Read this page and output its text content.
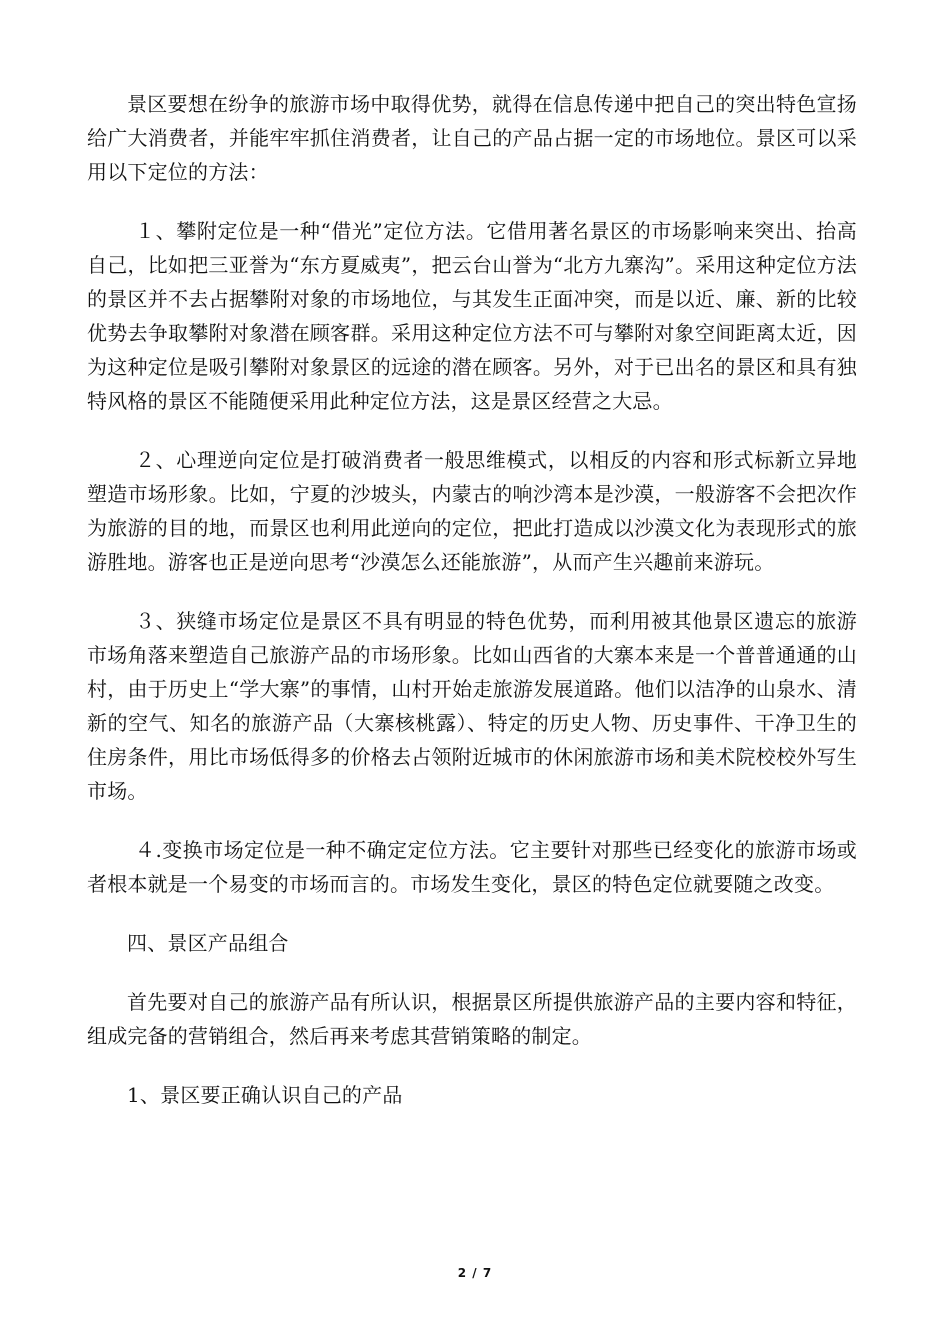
景区要想在纷争的旅游市场中取得优势，就得在信息传递中把自己的突出特色宣扬给广大消费者，并能牢牢抓住消费者，让自己的产品占据一定的市场地位。景区可以采用以下定位的方法：

１、攀附定位是一种“借光”定位方法。它借用著名景区的市场影响来突出、抬高自己，比如把三亚誉为“东方夏威夷”，把云台山誉为“北方九寨沟”。采用这种定位方法的景区并不去占据攀附对象的市场地位，与其发生正面冲突，而是以近、廉、新的比较优势去争取攀附对象潜在顾客群。采用这种定位方法不可与攀附对象空间距离太近，因为这种定位是吸引攀附对象景区的远途的潜在顾客。另外，对于已出名的景区和具有独特风格的景区不能随便采用此种定位方法，这是景区经营之大忌。

２、心理逆向定位是打破消费者一般思维模式，以相反的内容和形式标新立异地塑造市场形象。比如，宁夏的沙坡头，内蒙古的响沙湾本是沙漠，一般游客不会把次作为旅游的目的地，而景区也利用此逆向的定位，把此打造成以沙漠文化为表现形式的旅游胜地。游客也正是逆向思考“沙漠怎么还能旅游”，从而产生兴趣前来游玩。

３、狭缝市场定位是景区不具有明显的特色优势，而利用被其他景区遗忘的旅游市场角落来塑造自己旅游产品的市场形象。比如山西省的大寨本来是一个普普通通的山村，由于历史上“学大寨”的事情，山村开始走旅游发展道路。他们以洁净的山泉水、清新的空气、知名的旅游产品（大寨核桃露）、特定的历史人物、历史事件、干净卫生的住房条件，用比市场低得多的价格去占领附近城市的休闲旅游市场和美术院校校外写生市场。

４.变换市场定位是一种不确定定位方法。它主要针对那些已经变化的旅游市场或者根本就是一个易变的市场而言的。市场发生变化，景区的特色定位就要随之改变。

四、景区产品组合

首先要对自己的旅游产品有所认识，根据景区所提供旅游产品的主要内容和特征，组成完备的营销组合，然后再来考虑其营销策略的制定。

1、景区要正确认识自己的产品

2 / 7
